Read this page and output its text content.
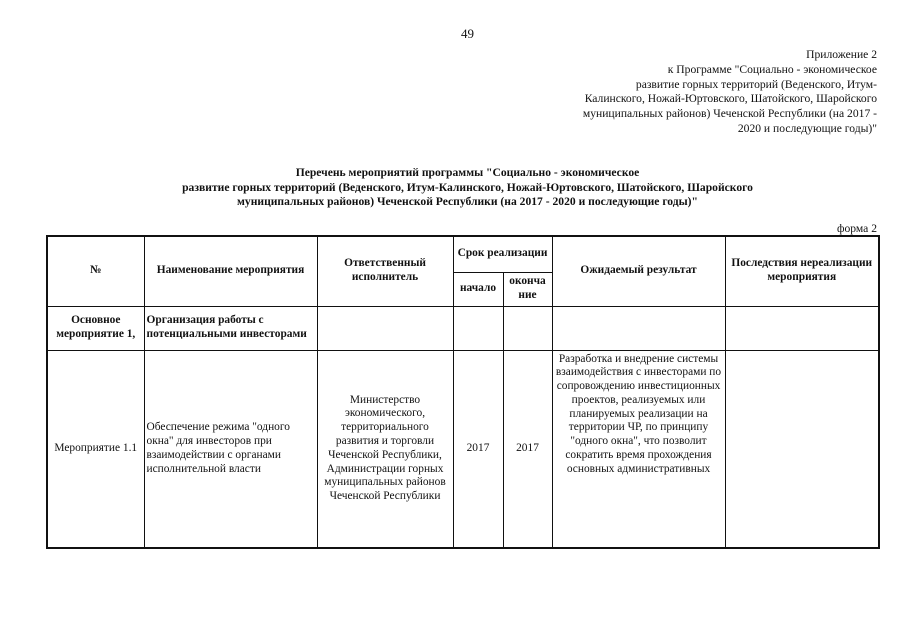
49
Приложение 2
к Программе "Социально - экономическое
развитие горных территорий (Веденского, Итум-
Калинского, Ножай-Юртовского, Шатойского, Шаройского
муниципальных районов) Чеченской Республики (на 2017 -
2020 и последующие годы)"
Перечень мероприятий программы "Социально - экономическое
развитие горных территорий (Веденского, Итум-Калинского, Ножай-Юртовского, Шатойского, Шаройского
муниципальных районов) Чеченской Республики (на 2017 - 2020 и последующие годы)"
форма 2
№	Наименование мероприятия	Ответственный исполнитель	Срок реализации		Ожидаемый результат	Последствия нереализации мероприятия
			начало	оконча ние		
Основное мероприятие 1,	Организация работы с потенциальными инвесторами					
Мероприятие 1.1	Обеспечение режима "одного окна" для инвесторов при взаимодействии с органами исполнительной власти	Министерство экономического, территориального развития и торговли Чеченской Республики, Администрации горных муниципальных районов Чеченской Республики	2017	2017	Разработка и внедрение системы взаимодействия с инвесторами по сопровождению инвестиционных проектов, реализуемых или планируемых реализации на территории ЧР, по принципу "одного окна", что позволит сократить время прохождения основных административных	
